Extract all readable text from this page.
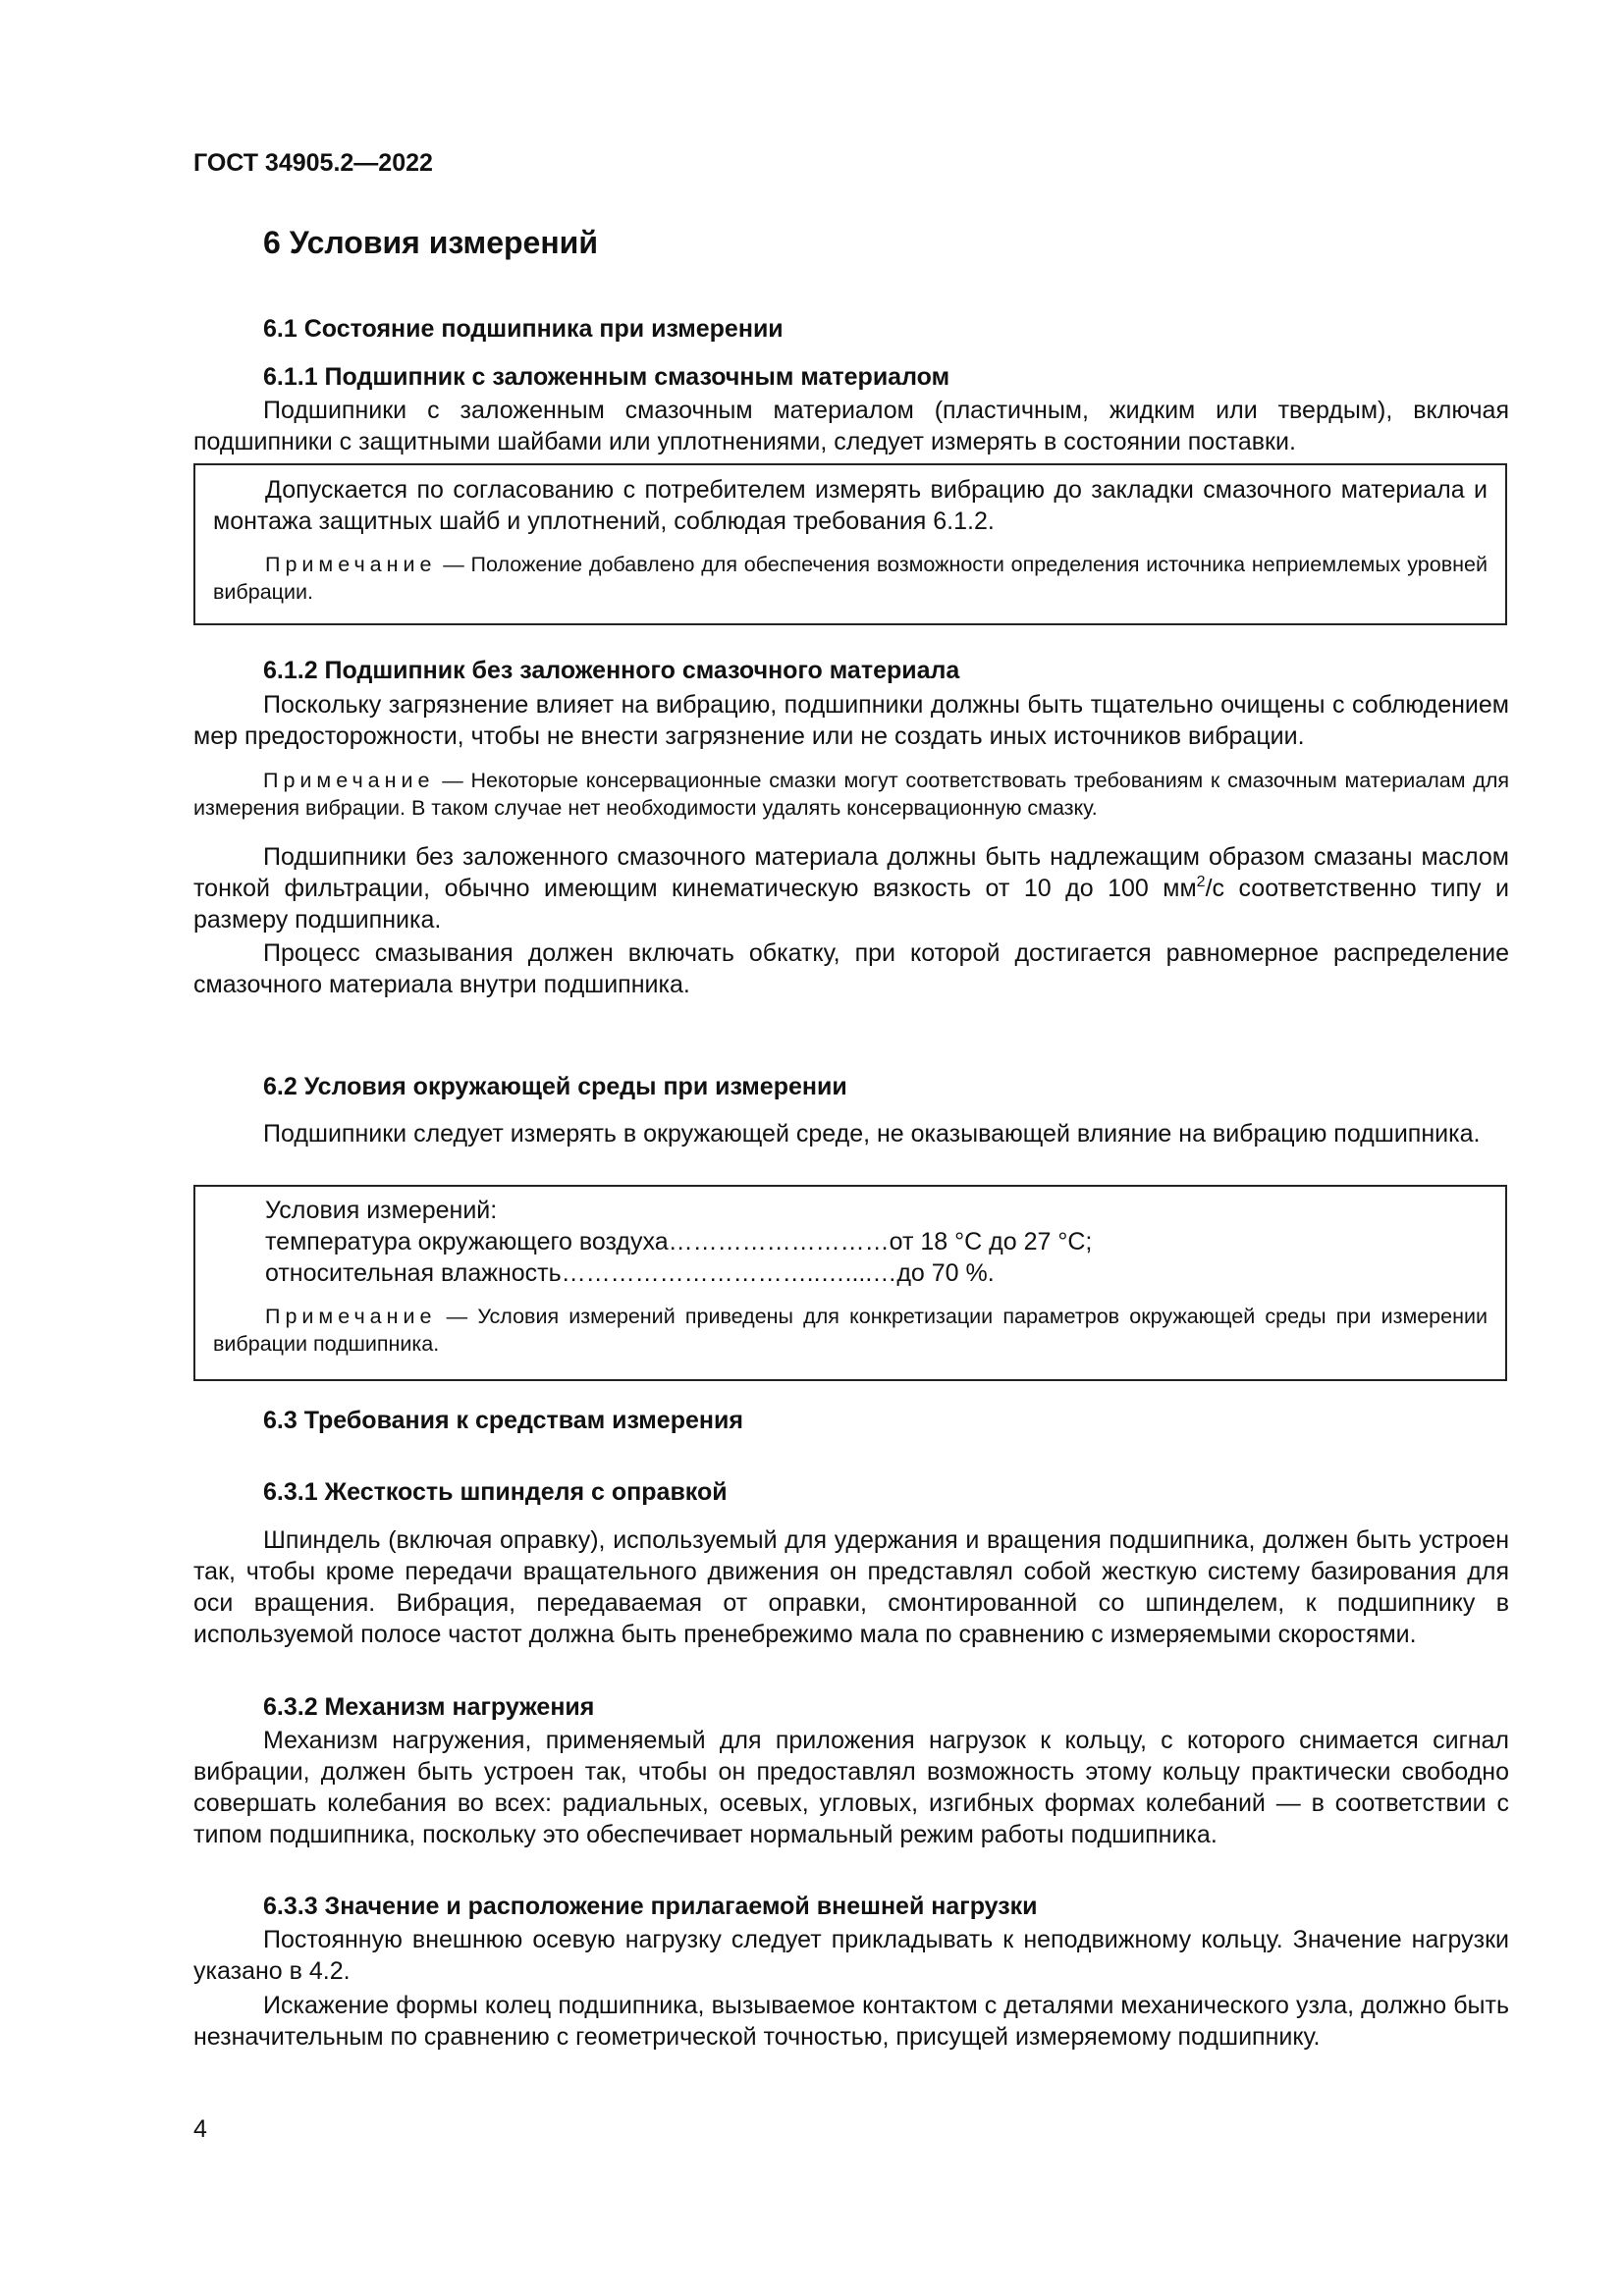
ГОСТ 34905.2—2022
6 Условия измерений
6.1 Состояние подшипника при измерении
6.1.1 Подшипник с заложенным смазочным материалом

Подшипники с заложенным смазочным материалом (пластичным, жидким или твердым), включая подшипники с защитными шайбами или уплотнениями, следует измерять в состоянии поставки.

Допускается по согласованию с потребителем измерять вибрацию до закладки смазочного материала и монтажа защитных шайб и уплотнений, соблюдая требования 6.1.2.

Примечание — Положение добавлено для обеспечения возможности определения источника неприемлемых уровней вибрации.

6.1.2 Подшипник без заложенного смазочного материала

Поскольку загрязнение влияет на вибрацию, подшипники должны быть тщательно очищены с соблюдением мер предосторожности, чтобы не внести загрязнение или не создать иных источников вибрации.

Примечание — Некоторые консервационные смазки могут соответствовать требованиям к смазочным материалам для измерения вибрации. В таком случае нет необходимости удалять консервационную смазку.

Подшипники без заложенного смазочного материала должны быть надлежащим образом смазаны маслом тонкой фильтрации, обычно имеющим кинематическую вязкость от 10 до 100 $мм^2/с$ соответственно типу и размеру подшипника.

Процесс смазывания должен включать обкатку, при которой достигается равномерное распределение смазочного материала внутри подшипника.

6.2 Условия окружающей среды при измерении

Подшипники следует измерять в окружающей среде, не оказывающей влияние на вибрацию подшипника.

Условия измерений:

температура окружающего воздуха………………………от 18 °С до 27 °С;

относительная влажность…………………………..…....…до 70 %.

Примечание — Условия измерений приведены для конкретизации параметров окружающей среды при измерении вибрации подшипника.

6.3 Требования к средствам измерения
6.3.1 Жесткость шпинделя с оправкой

Шпиндель (включая оправку), используемый для удержания и вращения подшипника, должен быть устроен так, чтобы кроме передачи вращательного движения он представлял собой жесткую систему базирования для оси вращения. Вибрация, передаваемая от оправки, смонтированной со шпинделем, к подшипнику в используемой полосе частот должна быть пренебрежимо мала по сравнению с измеряемыми скоростями.

6.3.2 Механизм нагружения

Механизм нагружения, применяемый для приложения нагрузок к кольцу, с которого снимается сигнал вибрации, должен быть устроен так, чтобы он предоставлял возможность этому кольцу практически свободно совершать колебания во всех: радиальных, осевых, угловых, изгибных формах колебаний — в соответствии с типом подшипника, поскольку это обеспечивает нормальный режим работы подшипника.

6.3.3 Значение и расположение прилагаемой внешней нагрузки

Постоянную внешнюю осевую нагрузку следует прикладывать к неподвижному кольцу. Значение нагрузки указано в 4.2.

Искажение формы колец подшипника, вызываемое контактом с деталями механического узла, должно быть незначительным по сравнению с геометрической точностью, присущей измеряемому подшипнику.

4
